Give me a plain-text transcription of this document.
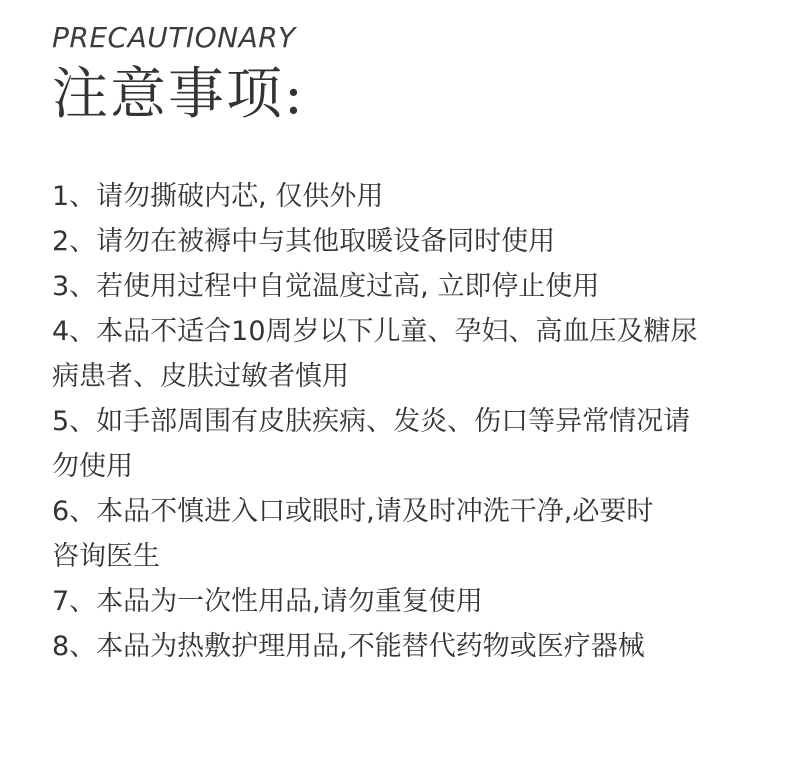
PRECAUTIONARY
注意事项:
1、请勿撕破内芯, 仅供外用
2、请勿在被褥中与其他取暖设备同时使用
3、若使用过程中自觉温度过高, 立即停止使用
4、本品不适合10周岁以下儿童、孕妇、高血压及糖尿
病患者、皮肤过敏者慎用
5、如手部周围有皮肤疾病、发炎、伤口等异常情况请
勿使用
6、本品不慎进入口或眼时,请及时冲洗干净,必要时
咨询医生
7、本品为一次性用品,请勿重复使用
8、本品为热敷护理用品,不能替代药物或医疗器械
